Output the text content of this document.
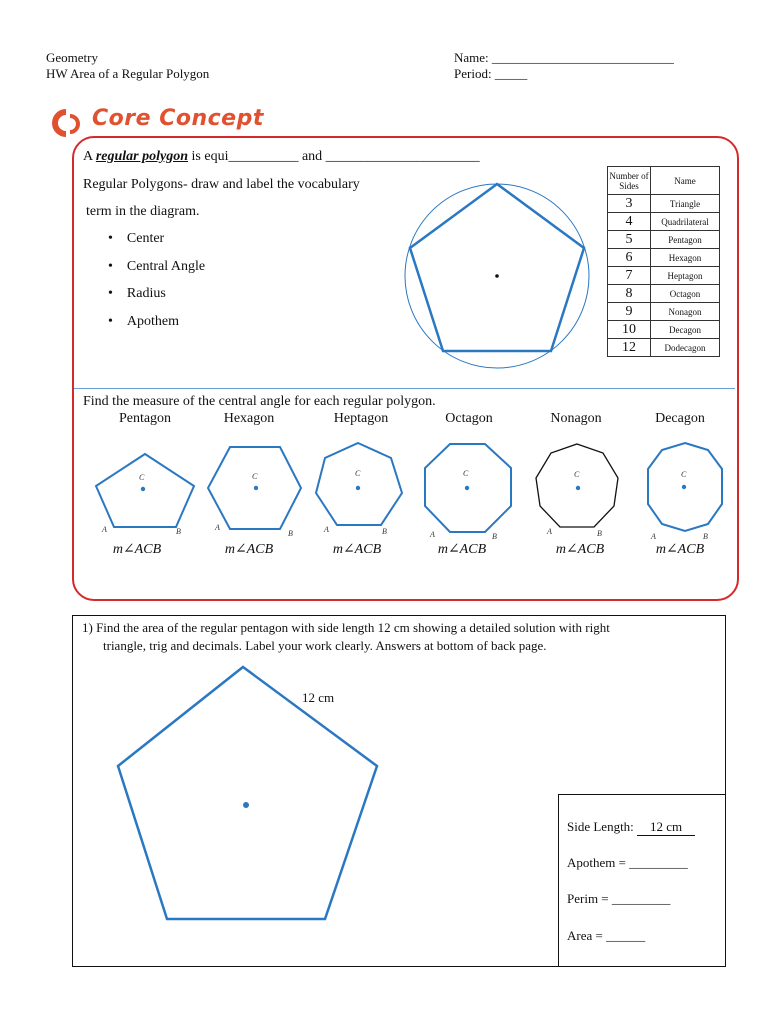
Geometry
HW Area of a Regular Polygon
Name: ____________________________
Period: _____
Core Concept
A regular polygon is equi__________ and ______________________
Regular Polygons- draw and label the vocabulary
term in the diagram.
•    Center
•    Central Angle
•    Radius
•    Apothem
Number of Sides	Name
3	Triangle
4	Quadrilateral
5	Pentagon
6	Hexagon
7	Heptagon
8	Octagon
9	Nonagon
10	Decagon
12	Dodecagon
Find the measure of the central angle for each regular polygon.
Pentagon	Hexagon	Heptagon	Octagon	Nonagon	Decagon
C
A	B
C
A
B
C
A	B
C
A	B
C
A	B
C
A	B
m∠ACB	m∠ACB	m∠ACB	m∠ACB	m∠ACB	m∠ACB
1) Find the area of the regular pentagon with side length 12 cm showing a detailed solution with right
triangle, trig and decimals. Label your work clearly. Answers at bottom of back page.
12 cm
Side Length: 12 cm
Apothem = _________
Perim = _________
Area = ______
